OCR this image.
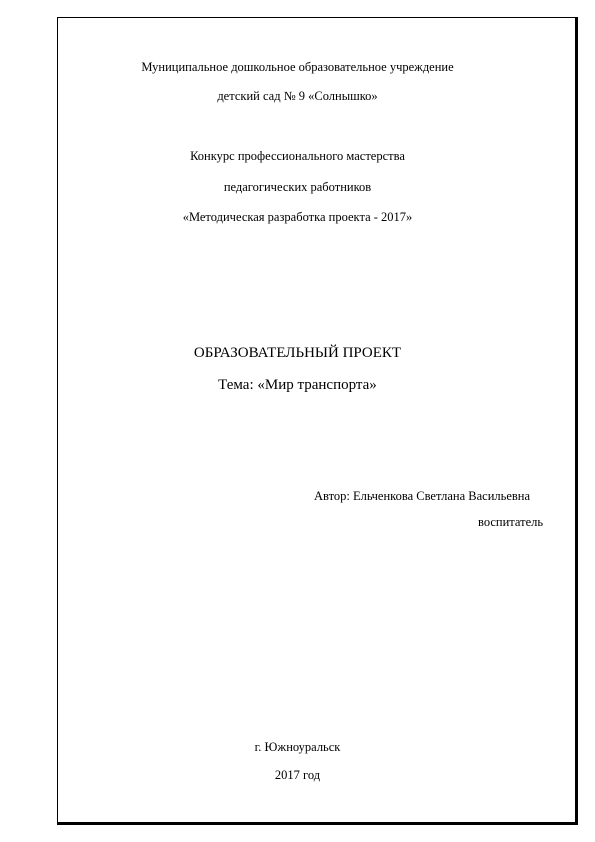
Муниципальное дошкольное образовательное учреждение
детский сад № 9 «Солнышко»
Конкурс профессионального мастерства
педагогических работников
«Методическая разработка проекта - 2017»
ОБРАЗОВАТЕЛЬНЫЙ ПРОЕКТ
Тема: «Мир транспорта»
Автор: Ельченкова Светлана Васильевна
воспитатель
г. Южноуральск
2017 год
